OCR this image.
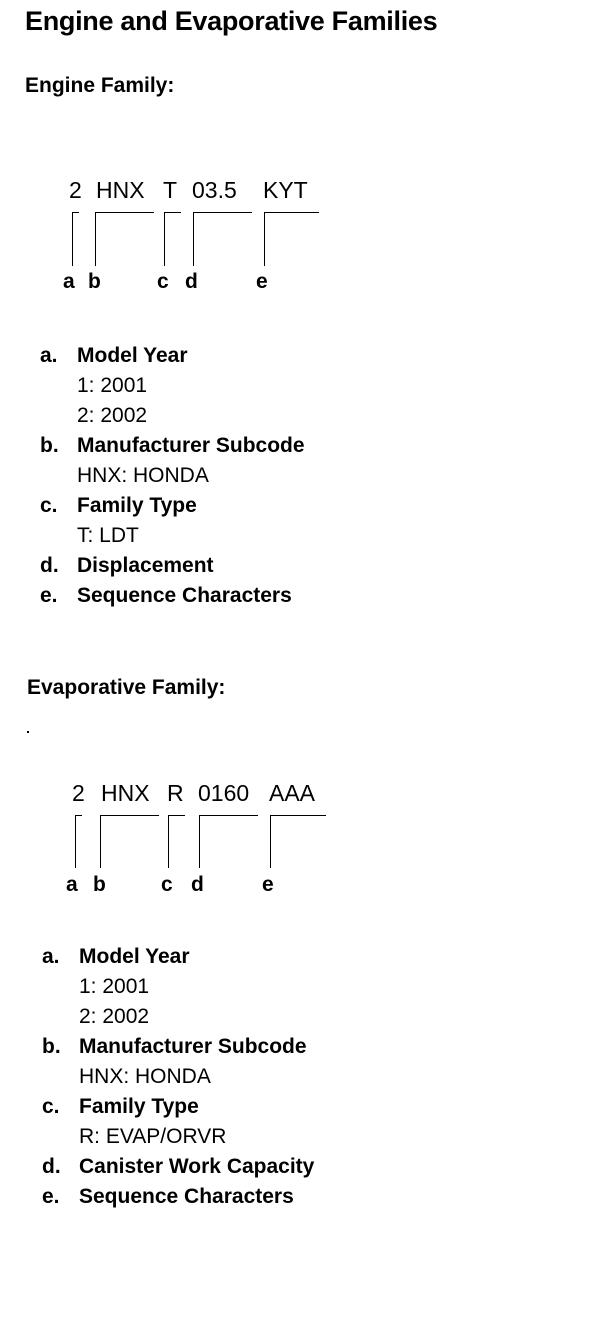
Engine and Evaporative Families
Engine Family:
2 HNX T 03.5 KYT
a b	c d	e
a. Model Year
1: 2001
2: 2002
b. Manufacturer Subcode
HNX: HONDA
c. Family Type
T: LDT
d. Displacement
e. Sequence Characters
Evaporative Family:
2 HNX R 0160 AAA
a b	c d	e
a. Model Year
1: 2001
2: 2002
b. Manufacturer Subcode
HNX: HONDA
c. Family Type
R: EVAP/ORVR
d. Canister Work Capacity
e. Sequence Characters
